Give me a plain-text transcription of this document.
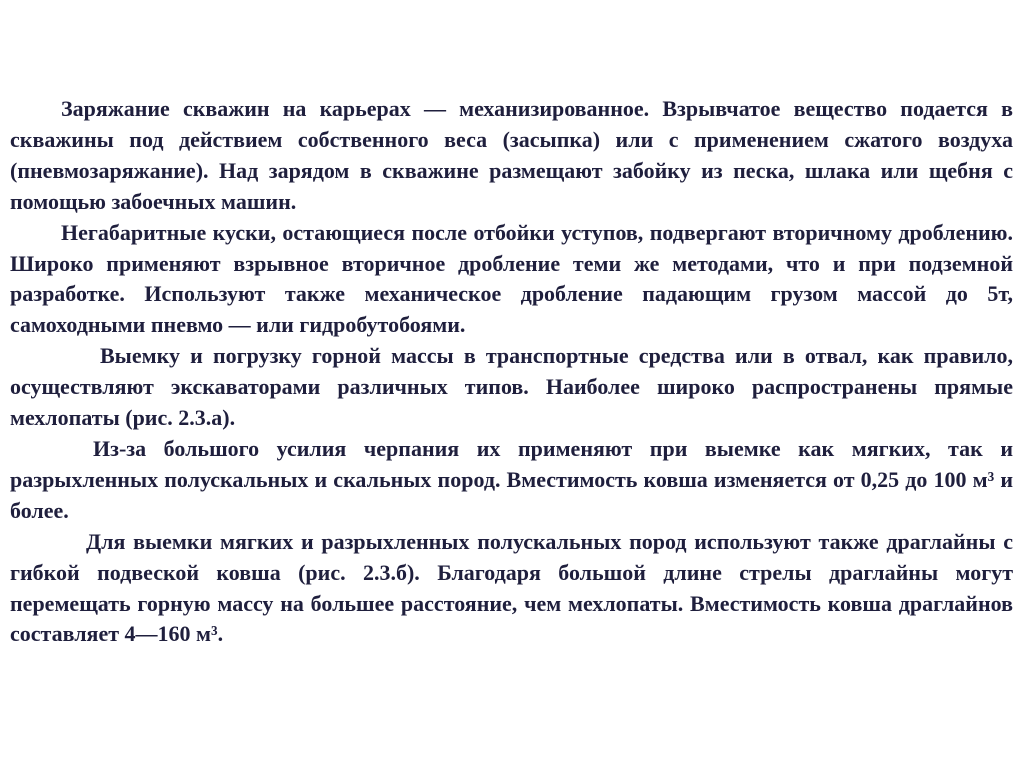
Заряжание скважин на карьерах — механизированное. Взрывчатое вещество подается в скважины под действием собственного веса (засыпка) или с применением сжатого воздуха (пневмозаряжание). Над зарядом в скважине размещают забойку из песка, шлака или щебня с помощью забоечных машин.

Негабаритные куски, остающиеся после отбойки уступов, подвергают вторичному дроблению. Широко применяют взрывное вторичное дробление теми же методами, что и при подземной разработке. Используют также механическое дробление падающим грузом массой до 5т, самоходными пневмо — или гидробутобоями.

Выемку и погрузку горной массы в транспортные средства или в отвал, как правило, осуществляют экскаваторами различных типов. Наиболее широко распространены прямые мехлопаты (рис. 2.3.а).

Из-за большого усилия черпания их применяют при выемке как мягких, так и разрыхленных полускальных и скальных пород. Вместимость ковша изменяется от 0,25 до 100 м³ и более.

Для выемки мягких и разрыхленных полускальных пород используют также драглайны с гибкой подвеской ковша (рис. 2.3.б). Благодаря большой длине стрелы драглайны могут перемещать горную массу на большее расстояние, чем мехлопаты. Вместимость ковша драглайнов составляет 4—160 м³.
